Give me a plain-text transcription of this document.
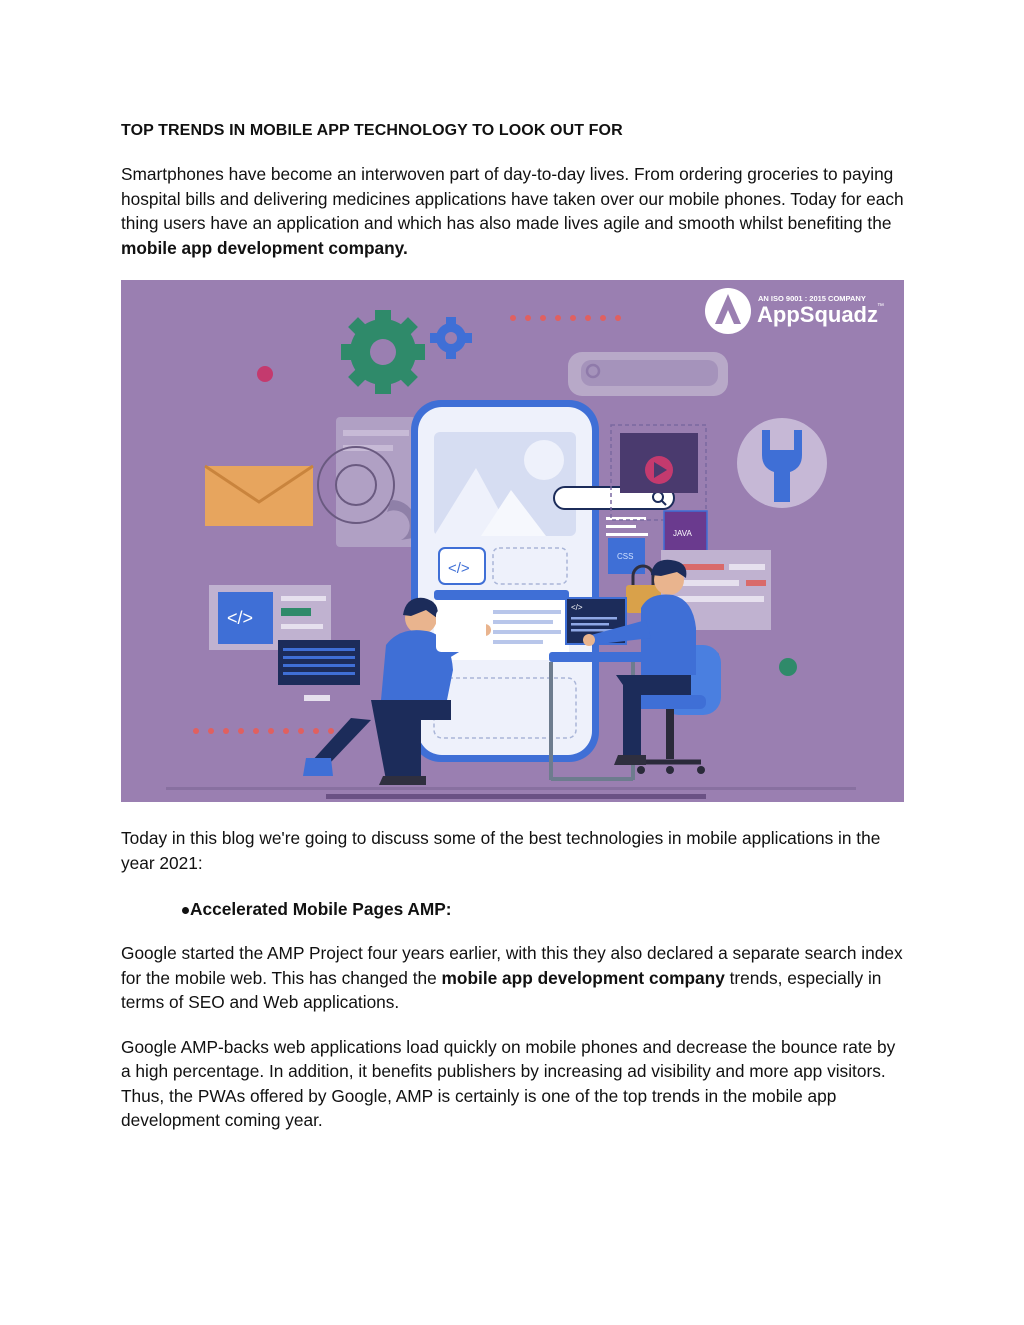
TOP TRENDS IN MOBILE APP TECHNOLOGY TO LOOK OUT FOR

Smartphones have become an interwoven part of day-to-day lives. From ordering groceries to paying hospital bills and delivering medicines applications have taken over our mobile phones. Today for each thing users have an application and which has also made lives agile and smooth whilst benefiting the mobile app development company.

AN ISO 9001 : 2015 COMPANY
AppSquadz ™
</>
</>
JAVA
CSS
</>

Today in this blog we're going to discuss some of the best technologies in mobile applications in the year 2021:

Accelerated Mobile Pages AMP:

Google started the AMP Project four years earlier, with this they also declared a separate search index for the mobile web. This has changed the mobile app development company trends, especially in terms of SEO and Web applications.

Google AMP-backs web applications load quickly on mobile phones and decrease the bounce rate by a high percentage. In addition, it benefits publishers by increasing ad visibility and more app visitors. Thus, the PWAs offered by Google, AMP is certainly is one of the top trends in the mobile app development coming year.
